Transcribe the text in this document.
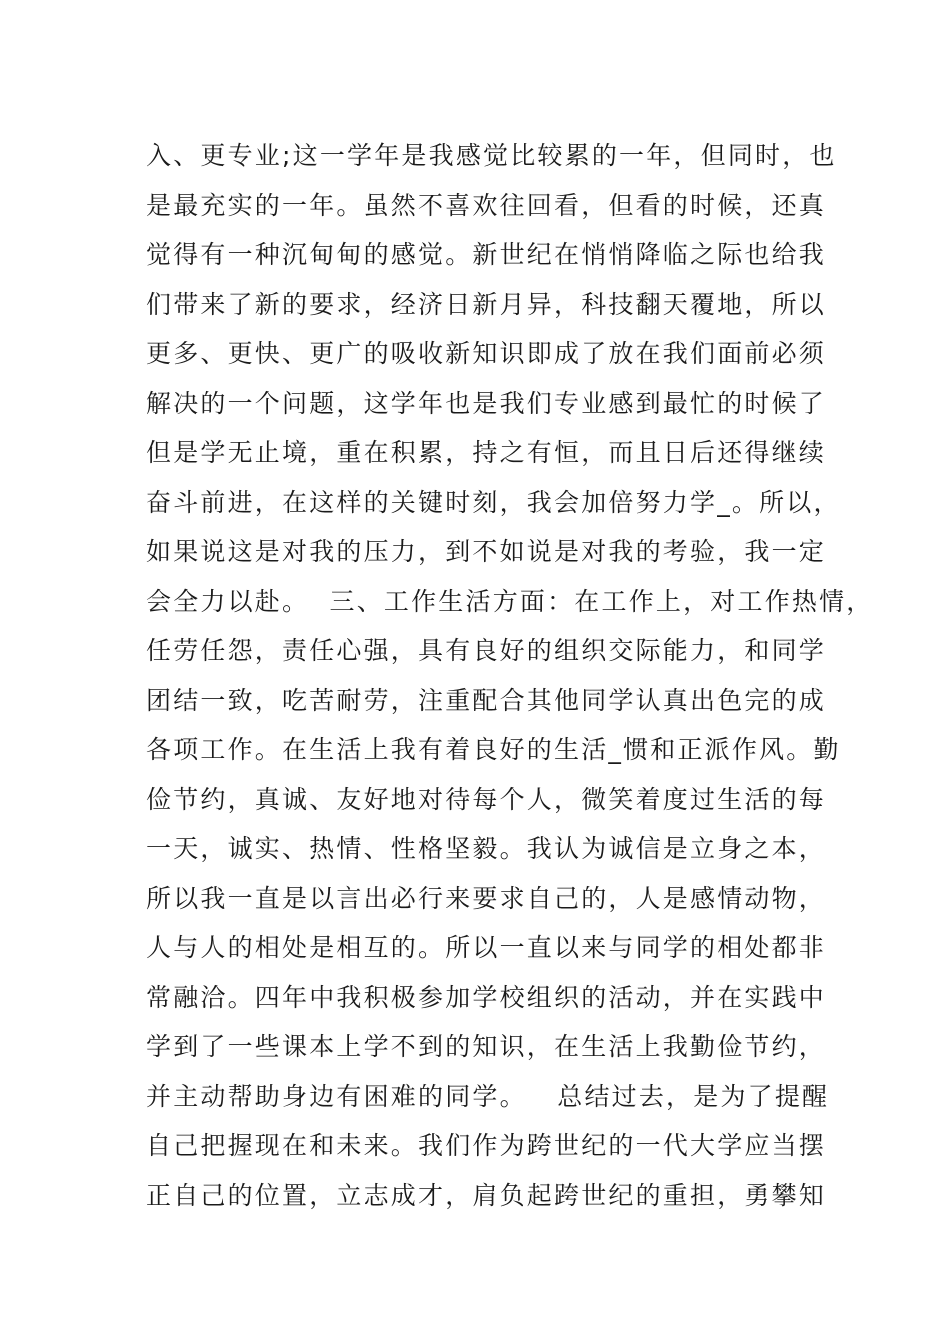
入、更专业;这一学年是我感觉比较累的一年，但同时，也
是最充实的一年。虽然不喜欢往回看，但看的时候，还真
觉得有一种沉甸甸的感觉。新世纪在悄悄降临之际也给我
们带来了新的要求，经济日新月异，科技翻天覆地，所以
更多、更快、更广的吸收新知识即成了放在我们面前必须
解决的一个问题，这学年也是我们专业感到最忙的时候了
但是学无止境，重在积累，持之有恒，而且日后还得继续
奋斗前进，在这样的关键时刻，我会加倍努力学_。所以，
如果说这是对我的压力，到不如说是对我的考验，我一定
会全力以赴。  三、工作生活方面：在工作上，对工作热情，
任劳任怨，责任心强，具有良好的组织交际能力，和同学
团结一致，吃苦耐劳，注重配合其他同学认真出色完的成
各项工作。在生活上我有着良好的生活_惯和正派作风。勤
俭节约，真诚、友好地对待每个人，微笑着度过生活的每
一天，诚实、热情、性格坚毅。我认为诚信是立身之本，
所以我一直是以言出必行来要求自己的，人是感情动物，
人与人的相处是相互的。所以一直以来与同学的相处都非
常融洽。四年中我积极参加学校组织的活动，并在实践中
学到了一些课本上学不到的知识，在生活上我勤俭节约，
并主动帮助身边有困难的同学。   总结过去，是为了提醒
自己把握现在和未来。我们作为跨世纪的一代大学应当摆
正自己的位置，立志成才，肩负起跨世纪的重担，勇攀知
